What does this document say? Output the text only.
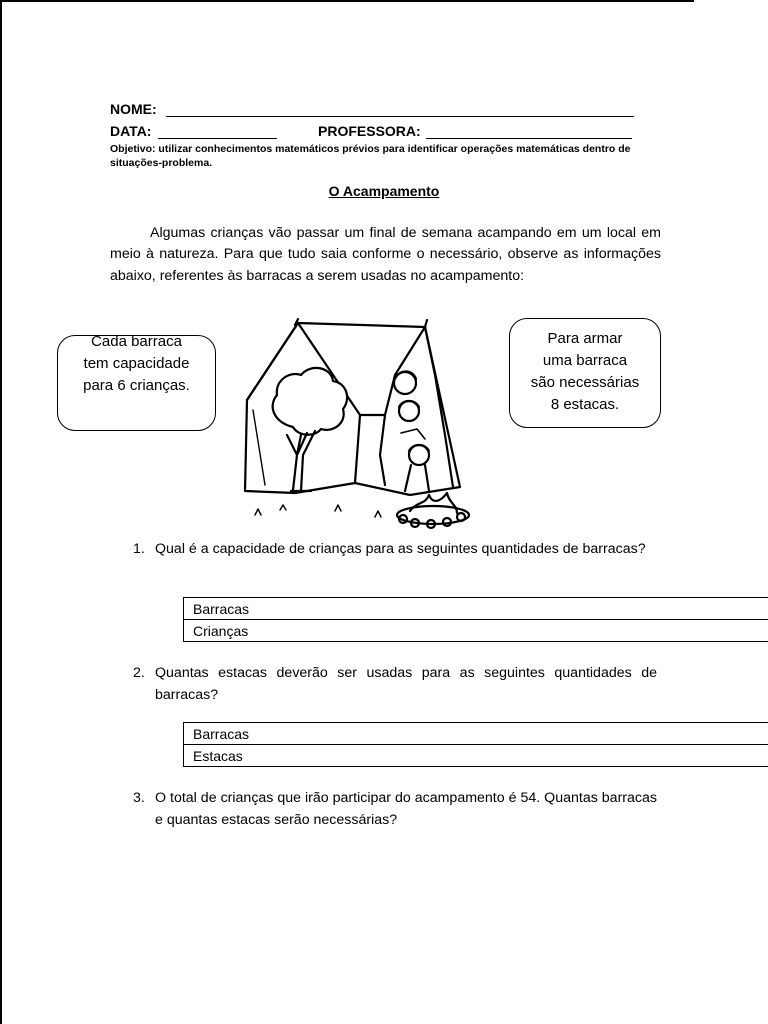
NOME:
DATA:	PROFESSORA:
Objetivo: utilizar conhecimentos matemáticos prévios para identificar operações matemáticas dentro de situações-problema.
O Acampamento
Algumas crianças vão passar um final de semana acampando em um local em meio à natureza. Para que tudo saia conforme o necessário, observe as informações abaixo, referentes às barracas a serem usadas no acampamento:
Cada barraca
tem capacidade
para 6 crianças.
Para armar
uma barraca
são necessárias
8 estacas.
1. Qual é a capacidade de crianças para as seguintes quantidades de barracas?
Barracas
Crianças
2. Quantas estacas deverão ser usadas para as seguintes quantidades de barracas?
Barracas
Estacas
3. O total de crianças que irão participar do acampamento é 54. Quantas barracas e quantas estacas serão necessárias?
